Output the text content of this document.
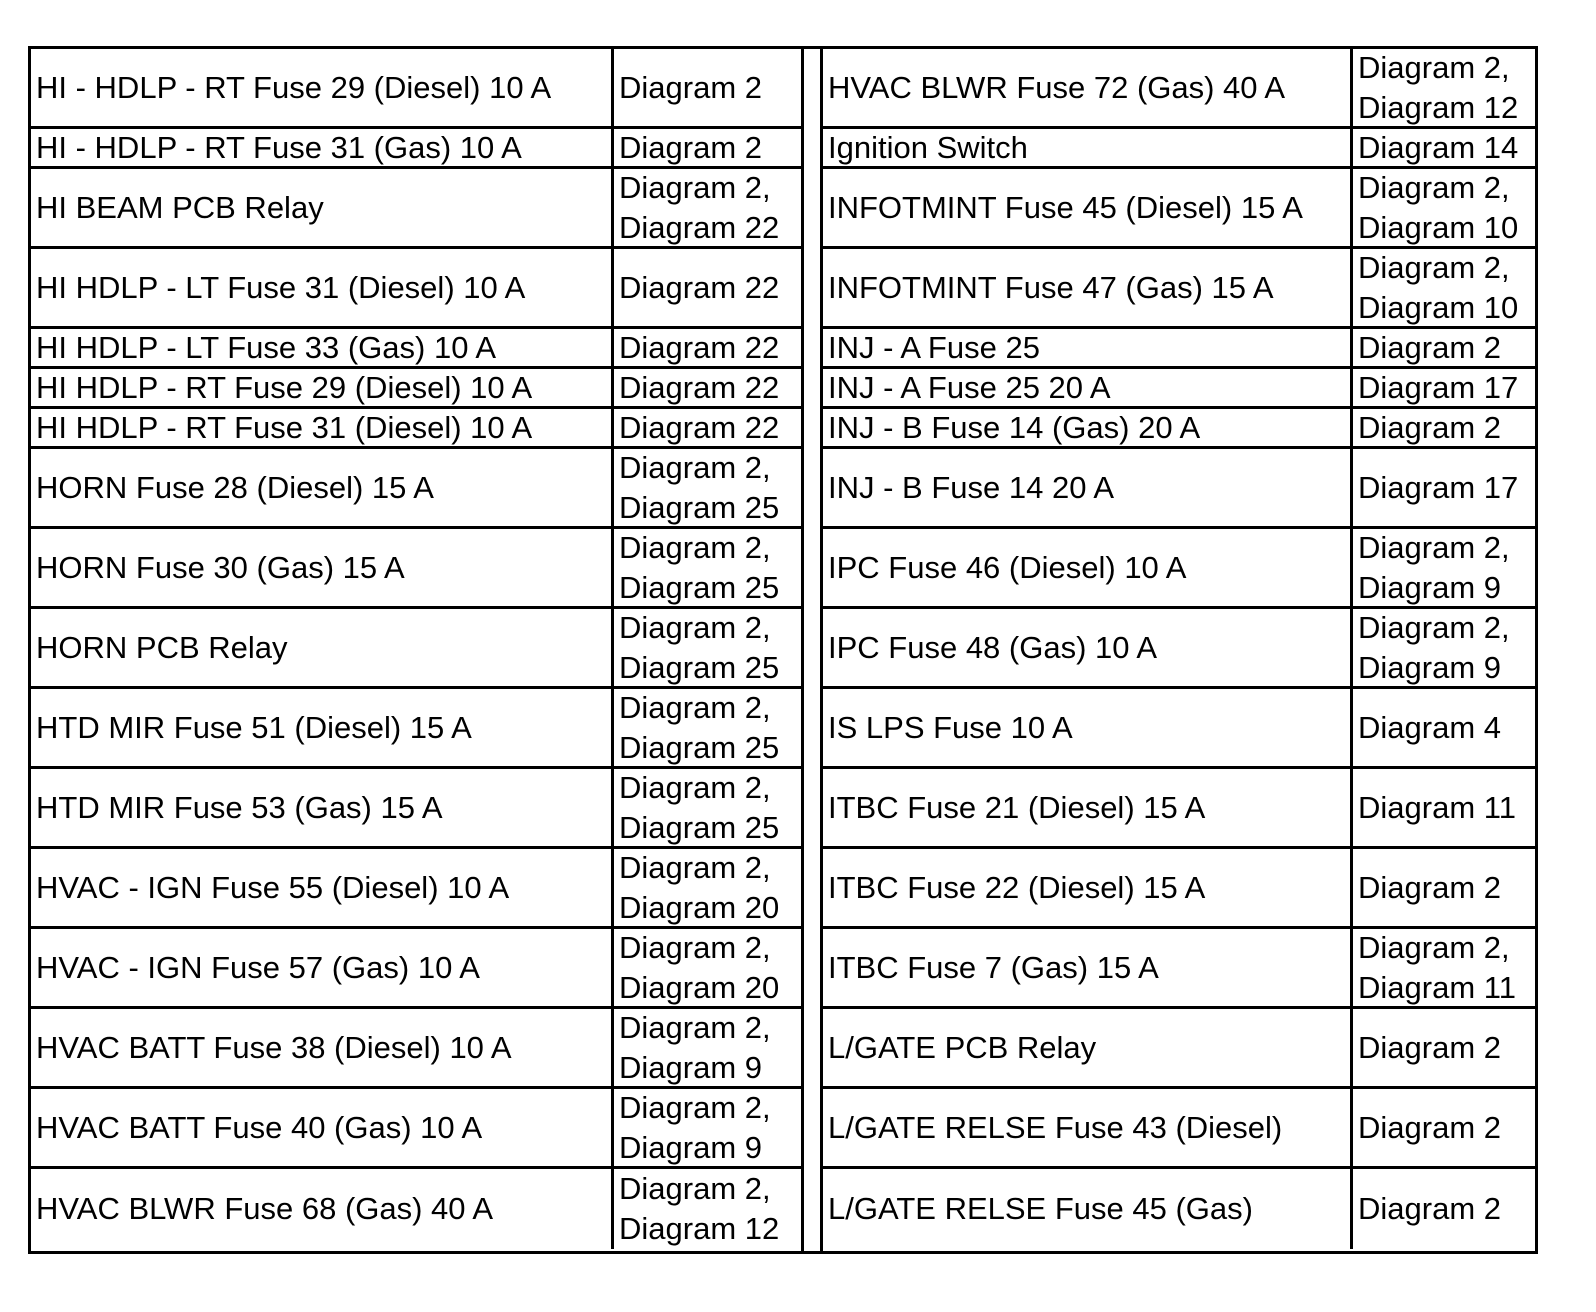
HI - HDLP - RT Fuse 29 (Diesel) 10 A	Diagram 2
HI - HDLP - RT Fuse 31 (Gas) 10 A	Diagram 2
HI BEAM PCB Relay
Diagram 2,
Diagram 22
HI HDLP - LT Fuse 31 (Diesel) 10 A	Diagram 22
HI HDLP - LT Fuse 33 (Gas) 10 A	Diagram 22
HI HDLP - RT Fuse 29 (Diesel) 10 A	Diagram 22
HI HDLP - RT Fuse 31 (Diesel) 10 A	Diagram 22
HORN Fuse 28 (Diesel) 15 A
Diagram 2,
Diagram 25
HORN Fuse 30 (Gas) 15 A
Diagram 2,
Diagram 25
HORN PCB Relay
Diagram 2,
Diagram 25
HTD MIR Fuse 51 (Diesel) 15 A
Diagram 2,
Diagram 25
HTD MIR Fuse 53 (Gas) 15 A
Diagram 2,
Diagram 25
HVAC - IGN Fuse 55 (Diesel) 10 A
Diagram 2,
Diagram 20
HVAC - IGN Fuse 57 (Gas) 10 A
Diagram 2,
Diagram 20
HVAC BATT Fuse 38 (Diesel) 10 A
Diagram 2,
Diagram 9
HVAC BATT Fuse 40 (Gas) 10 A
Diagram 2,
Diagram 9
HVAC BLWR Fuse 68 (Gas) 40 A
Diagram 2,
Diagram 12
HVAC BLWR Fuse 72 (Gas) 40 A
Diagram 2,
Diagram 12
Ignition Switch	Diagram 14
INFOTMINT Fuse 45 (Diesel) 15 A
Diagram 2,
Diagram 10
INFOTMINT Fuse 47 (Gas) 15 A
Diagram 2,
Diagram 10
INJ - A Fuse 25	Diagram 2
INJ - A Fuse 25 20 A	Diagram 17
INJ - B Fuse 14 (Gas) 20 A	Diagram 2
INJ - B Fuse 14 20 A	Diagram 17
IPC Fuse 46 (Diesel) 10 A
Diagram 2,
Diagram 9
IPC Fuse 48 (Gas) 10 A
Diagram 2,
Diagram 9
IS LPS Fuse 10 A	Diagram 4
ITBC Fuse 21 (Diesel) 15 A	Diagram 11
ITBC Fuse 22 (Diesel) 15 A	Diagram 2
ITBC Fuse 7 (Gas) 15 A
Diagram 2,
Diagram 11
L/GATE PCB Relay	Diagram 2
L/GATE RELSE Fuse 43 (Diesel)	Diagram 2
L/GATE RELSE Fuse 45 (Gas)	Diagram 2
